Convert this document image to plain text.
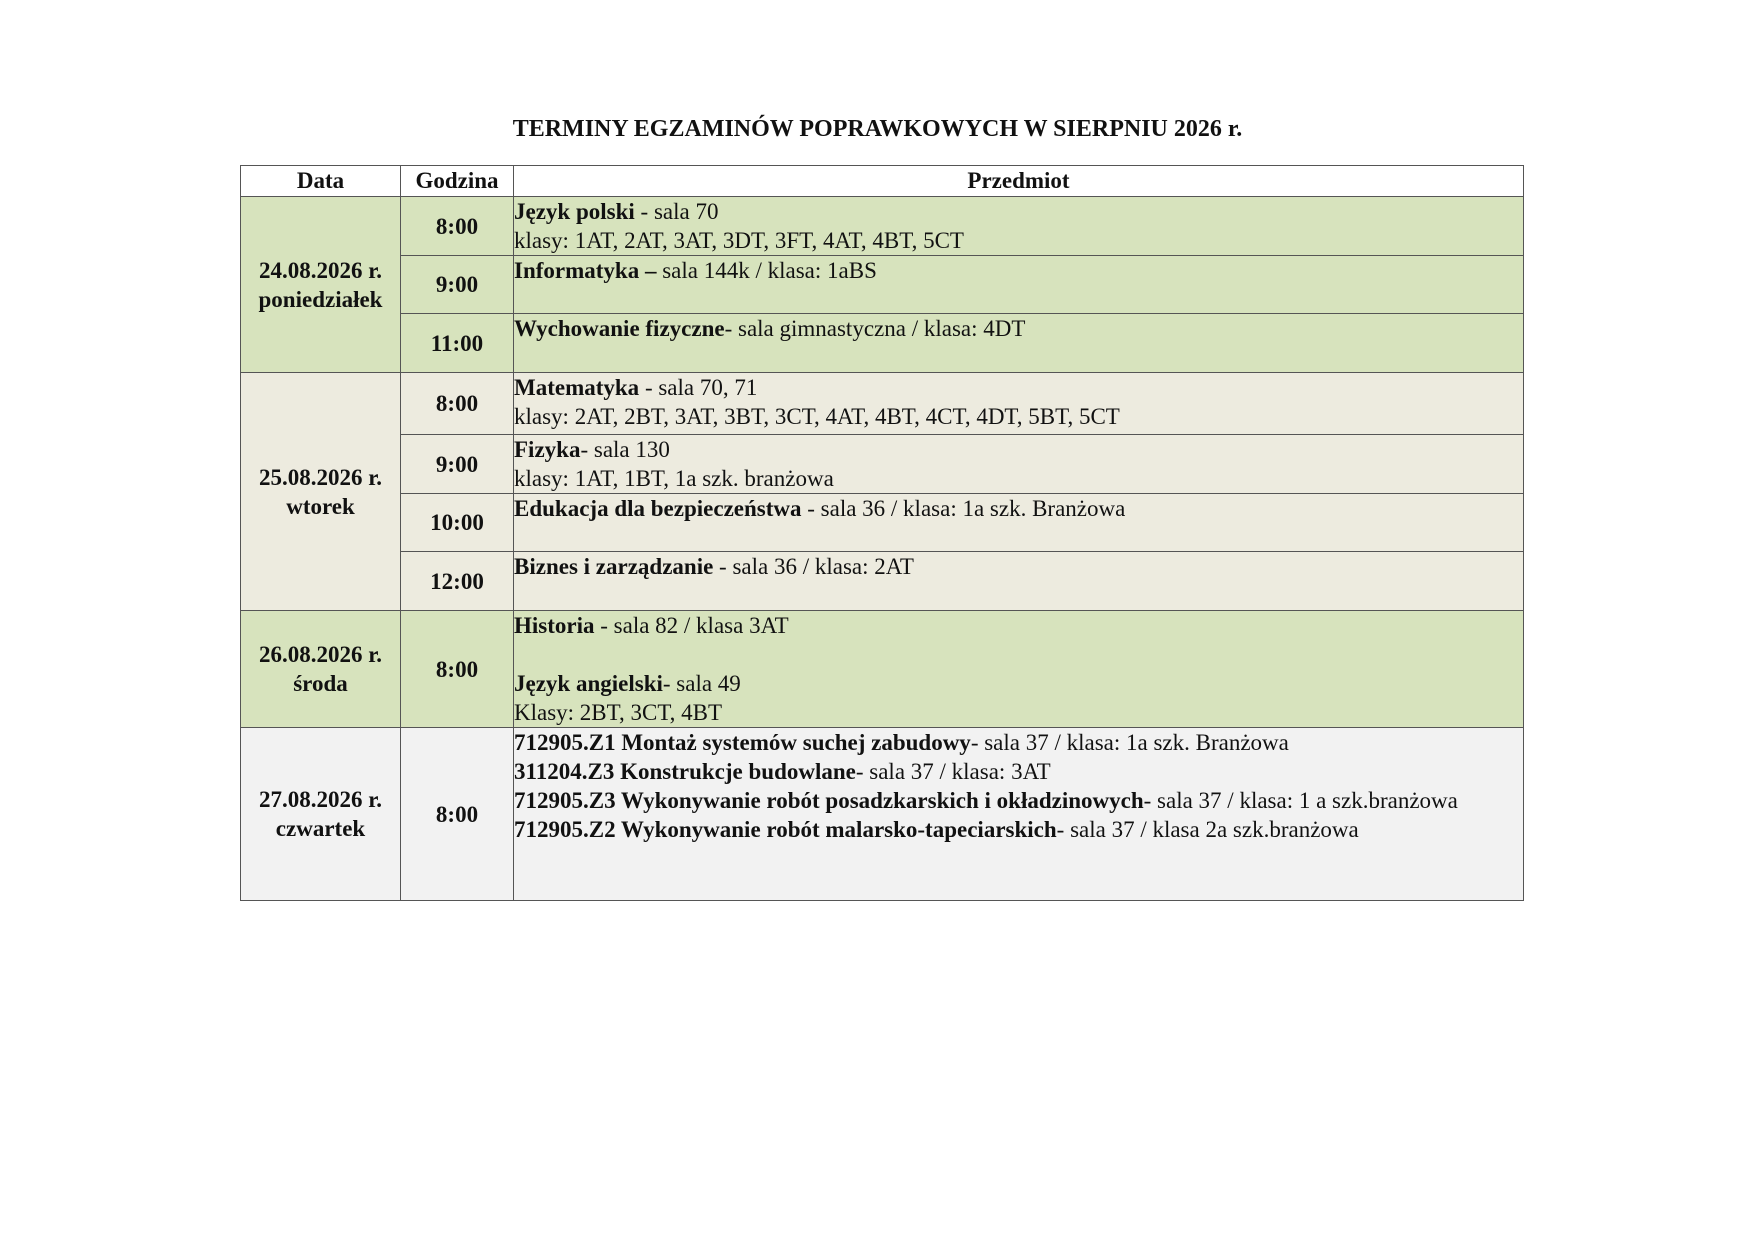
TERMINY EGZAMINÓW POPRAWKOWYCH W SIERPNIU 2026 r.
Data	Godzina	Przedmiot

24.08.2026 r.
poniedziałek	8:00	Język polski - sala 70
klasy: 1AT, 2AT, 3AT, 3DT, 3FT, 4AT, 4BT, 5CT

	9:00	Informatyka – sala 144k / klasa: 1aBS

	11:00	Wychowanie fizyczne- sala gimnastyczna / klasa: 4DT

25.08.2026 r.
wtorek	8:00	Matematyka - sala 70, 71
klasy: 2AT, 2BT, 3AT, 3BT, 3CT, 4AT, 4BT, 4CT, 4DT, 5BT, 5CT

	9:00	Fizyka- sala 130
klasy: 1AT, 1BT, 1a szk. branżowa

	10:00	Edukacja dla bezpieczeństwa - sala 36 / klasa: 1a szk. Branżowa

	12:00	Biznes i zarządzanie - sala 36 / klasa: 2AT

26.08.2026 r.
środa	8:00	Historia - sala 82 / klasa 3AT
Język angielski- sala 49
Klasy: 2BT, 3CT, 4BT

27.08.2026 r.
czwartek	8:00	712905.Z1 Montaż systemów suchej zabudowy- sala 37 / klasa: 1a szk. Branżowa
311204.Z3 Konstrukcje budowlane- sala 37 / klasa: 3AT
712905.Z3 Wykonywanie robót posadzkarskich i okładzinowych- sala 37 / klasa: 1 a szk.branżowa
712905.Z2 Wykonywanie robót malarsko-tapeciarskich- sala 37 / klasa 2a szk.branżowa
